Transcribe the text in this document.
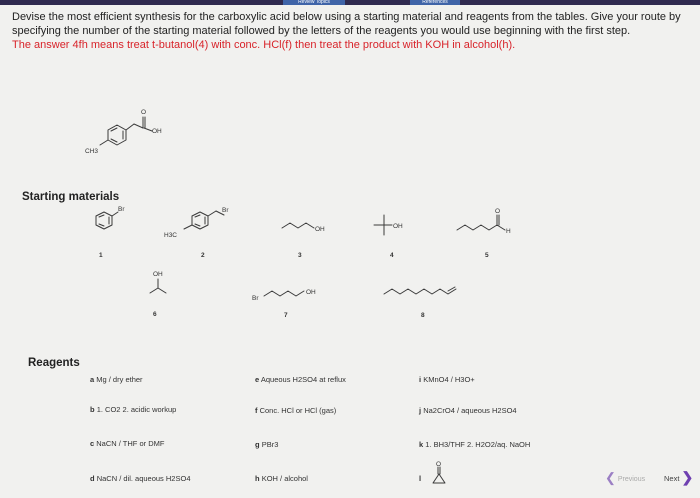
Review Topics	References
Devise the most efficient synthesis for the carboxylic acid below using a starting material and reagents from the tables. Give your route by specifying the number of the starting material followed by the letters of the reagents you would use beginning with the first step.
The answer 4fh means treat t-butanol(4) with conc. HCl(f) then treat the product with KOH in alcohol(h).
O
OH
CH3
Starting materials
Br
1
Br
H3C
2
OH
3
OH
4
O
H
5
OH
6
Br
OH
7	8
Reagents
a Mg / dry ether
b 1. CO2 2. acidic workup
c NaCN / THF or DMF
d NaCN / dil. aqueous H2SO4
e Aqueous H2SO4 at reflux
f Conc. HCl or HCl (gas)
g PBr3
h KOH / alcohol
i KMnO4 / H3O+
j Na2CrO4 / aqueous H2SO4
k 1. BH3/THF 2. H2O2/aq. NaOH
l
O
❮ Previous	Next ❯
